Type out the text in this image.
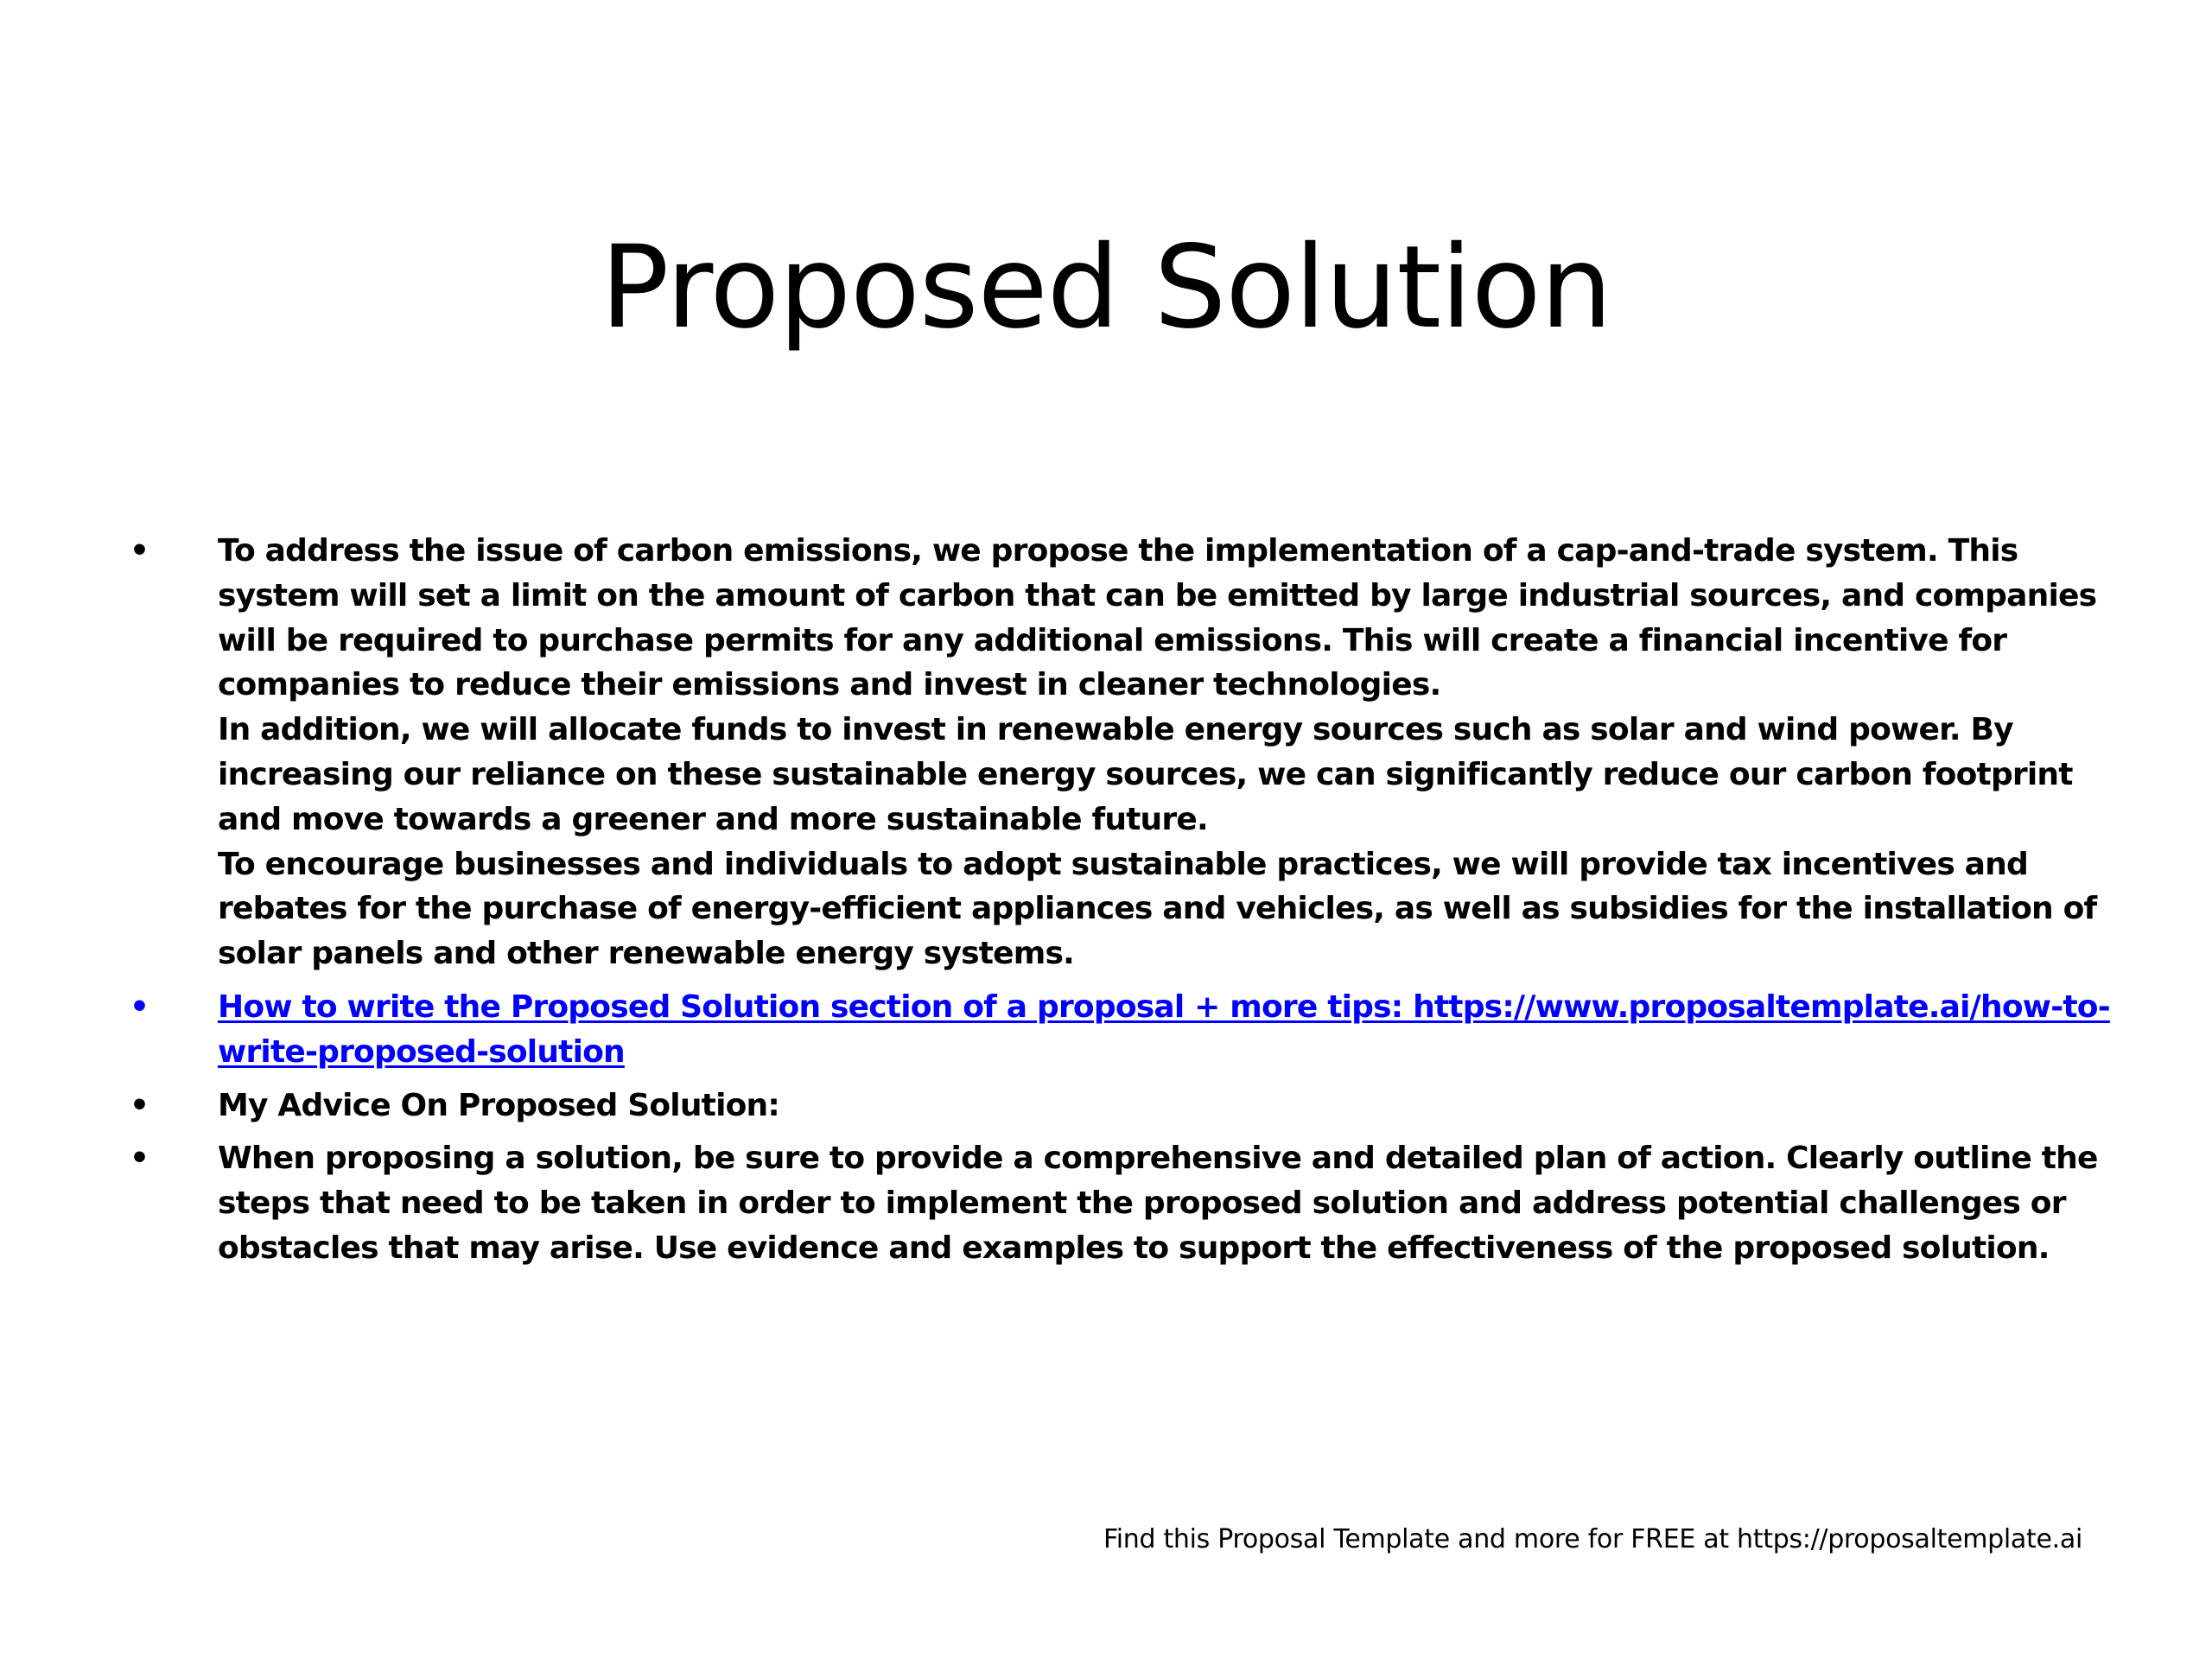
Proposed Solution
•	To address the issue of carbon emissions, we propose the implementation of a cap-and-trade system. This system will set a limit on the amount of carbon that can be emitted by large industrial sources, and companies will be required to purchase permits for any additional emissions. This will create a financial incentive for companies to reduce their emissions and invest in cleaner technologies.
In addition, we will allocate funds to invest in renewable energy sources such as solar and wind power. By increasing our reliance on these sustainable energy sources, we can significantly reduce our carbon footprint and move towards a greener and more sustainable future.
To encourage businesses and individuals to adopt sustainable practices, we will provide tax incentives and rebates for the purchase of energy-efficient appliances and vehicles, as well as subsidies for the installation of solar panels and other renewable energy systems.
•	How to write the Proposed Solution section of a proposal + more tips: https://www.proposaltemplate.ai/how-to-write-proposed-solution
•	My Advice On Proposed Solution:
•	When proposing a solution, be sure to provide a comprehensive and detailed plan of action. Clearly outline the steps that need to be taken in order to implement the proposed solution and address potential challenges or obstacles that may arise. Use evidence and examples to support the effectiveness of the proposed solution.
Find this Proposal Template and more for FREE at https://proposaltemplate.ai
